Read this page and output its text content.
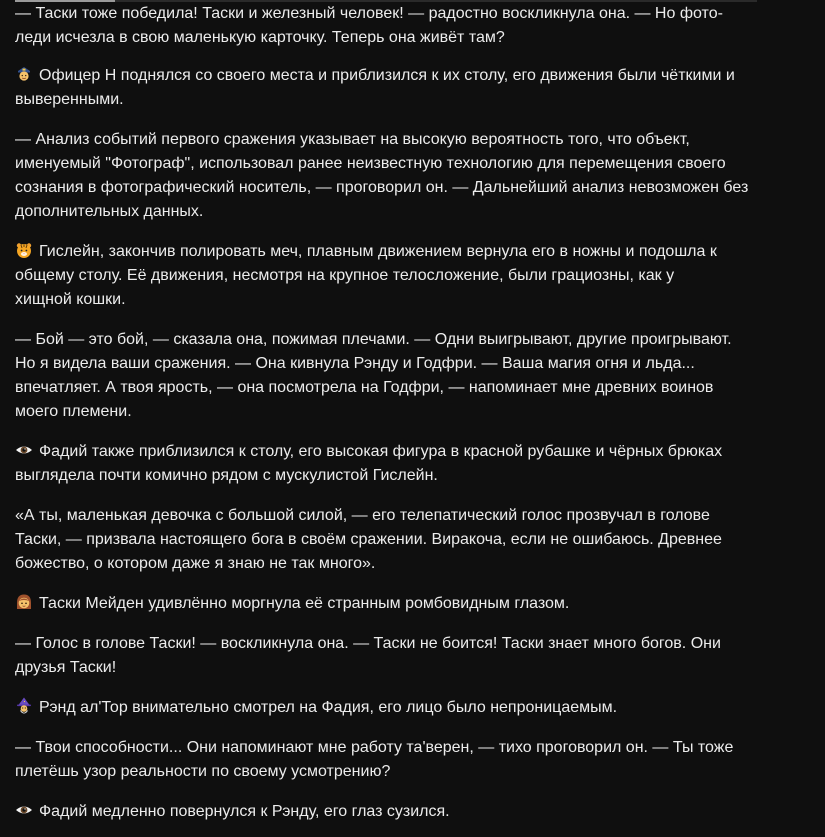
— Таски тоже победила! Таски и железный человек! — радостно воскликнула она. — Но фото-леди исчезла в свою маленькую карточку. Теперь она живёт там?

Офицер Н поднялся со своего места и приблизился к их столу, его движения были чёткими и выверенными.

— Анализ событий первого сражения указывает на высокую вероятность того, что объект, именуемый "Фотограф", использовал ранее неизвестную технологию для перемещения своего сознания в фотографический носитель, — проговорил он. — Дальнейший анализ невозможен без дополнительных данных.

Гислейн, закончив полировать меч, плавным движением вернула его в ножны и подошла к общему столу. Её движения, несмотря на крупное телосложение, были грациозны, как у хищной кошки.

— Бой — это бой, — сказала она, пожимая плечами. — Одни выигрывают, другие проигрывают. Но я видела ваши сражения. — Она кивнула Рэнду и Годфри. — Ваша магия огня и льда... впечатляет. А твоя ярость, — она посмотрела на Годфри, — напоминает мне древних воинов моего племени.

Фадий также приблизился к столу, его высокая фигура в красной рубашке и чёрных брюках выглядела почти комично рядом с мускулистой Гислейн.

«А ты, маленькая девочка с большой силой, — его телепатический голос прозвучал в голове Таски, — призвала настоящего бога в своём сражении. Виракоча, если не ошибаюсь. Древнее божество, о котором даже я знаю не так много».

Таски Мейден удивлённо моргнула её странным ромбовидным глазом.

— Голос в голове Таски! — воскликнула она. — Таски не боится! Таски знает много богов. Они друзья Таски!

Рэнд ал'Тор внимательно смотрел на Фадия, его лицо было непроницаемым.

— Твои способности... Они напоминают мне работу та'верен, — тихо проговорил он. — Ты тоже плетёшь узор реальности по своему усмотрению?

Фадий медленно повернулся к Рэнду, его глаз сузился.
